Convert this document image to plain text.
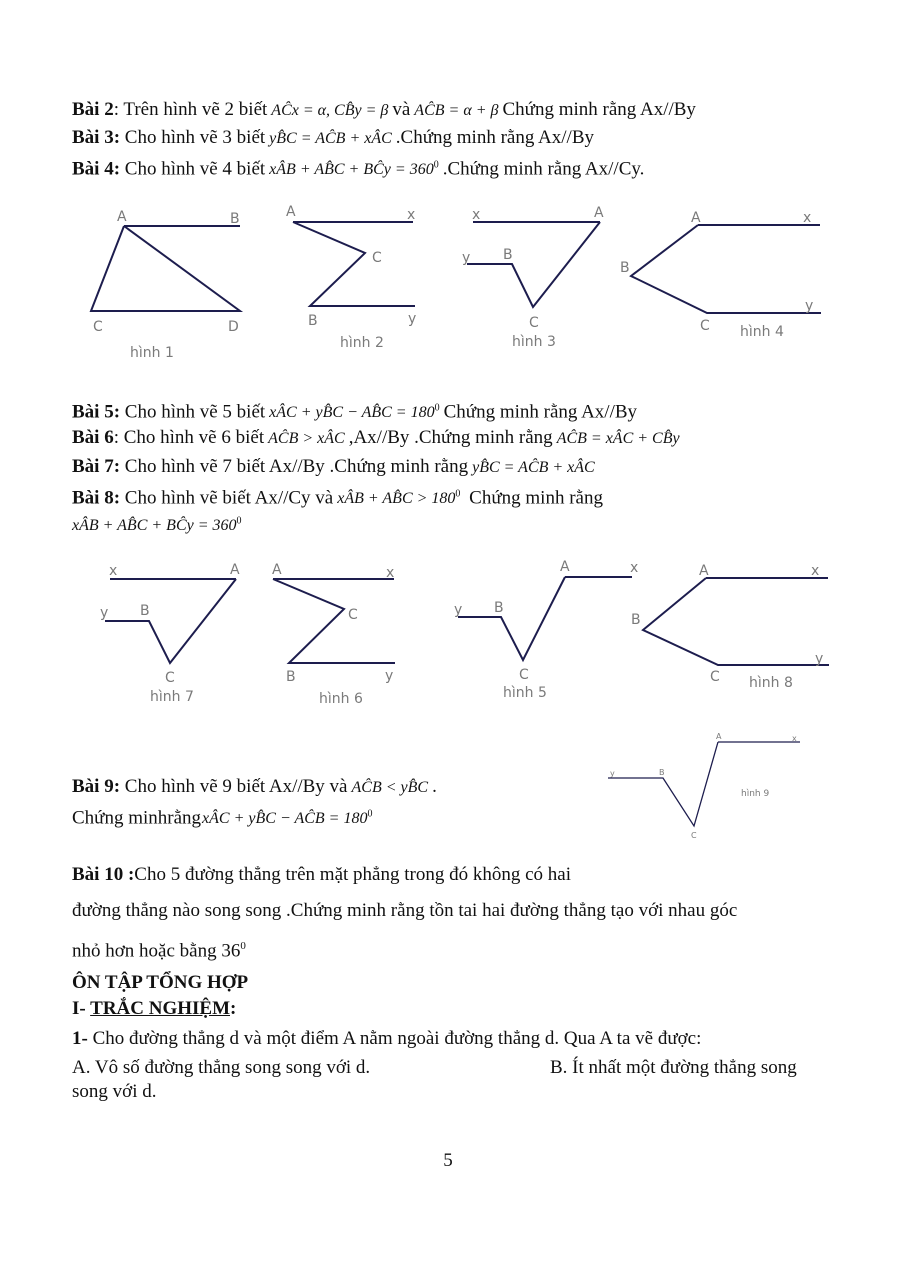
Bài 2: Trên hình vẽ 2 biết AĈx = α, CB̂y = β và AĈB = α + β Chứng minh rằng Ax//By
Bài 3: Cho hình vẽ 3 biết yB̂C = AĈB + xÂC .Chứng minh rằng Ax//By
Bài 4: Cho hình vẽ 4 biết xÂB + AB̂C + BĈy = $360^0$ .Chứng minh rằng Ax//Cy.
A	B
C	D
hình 1
A	x
C
B	y
hình 2
x	A
y B
C
hình 3
A	x
B
C
y
hình 4
Bài 5: Cho hình vẽ 5 biết xÂC + yB̂C − AB̂C = $180^0$ Chứng minh rằng Ax//By
Bài 6: Cho hình vẽ 6 biết AĈB > xÂC ,Ax//By .Chứng minh rằng AĈB = xÂC + CB̂y
Bài 7: Cho hình vẽ 7 biết Ax//By .Chứng minh rằng yB̂C = AĈB + xÂC
Bài 8: Cho hình vẽ biết Ax//Cy và xÂB + AB̂C > $180^0$ Chứng minh rằng
xÂB + AB̂C + BĈy = $360^0$
x	A
y B
C
hình 7
A	x
C
B	y
hình 6
A	x
y B
C
hình 5
A	x
B
C
y
hình 8
Bài 9: Cho hình vẽ 9 biết Ax//By và AĈB < yB̂C .
Chứng minhrằngxÂC + yB̂C − AĈB = $180^0$
A	x
y	B
C
hình 9
Bài 10 :Cho 5 đường thẳng trên mặt phẳng trong đó không có hai
đường thẳng nào song song .Chứng minh rằng tồn tai hai đường thẳng tạo với nhau góc
nhỏ hơn hoặc bằng $36^0$
ÔN TẬP TỔNG HỢP
I- TRẮC NGHIỆM:
1- Cho đường thẳng d và một điểm A nằm ngoài đường thẳng d. Qua A ta vẽ được:
A. Vô số đường thẳng song song với d.	B. Ít nhất một đường thẳng song
song với d.
5
